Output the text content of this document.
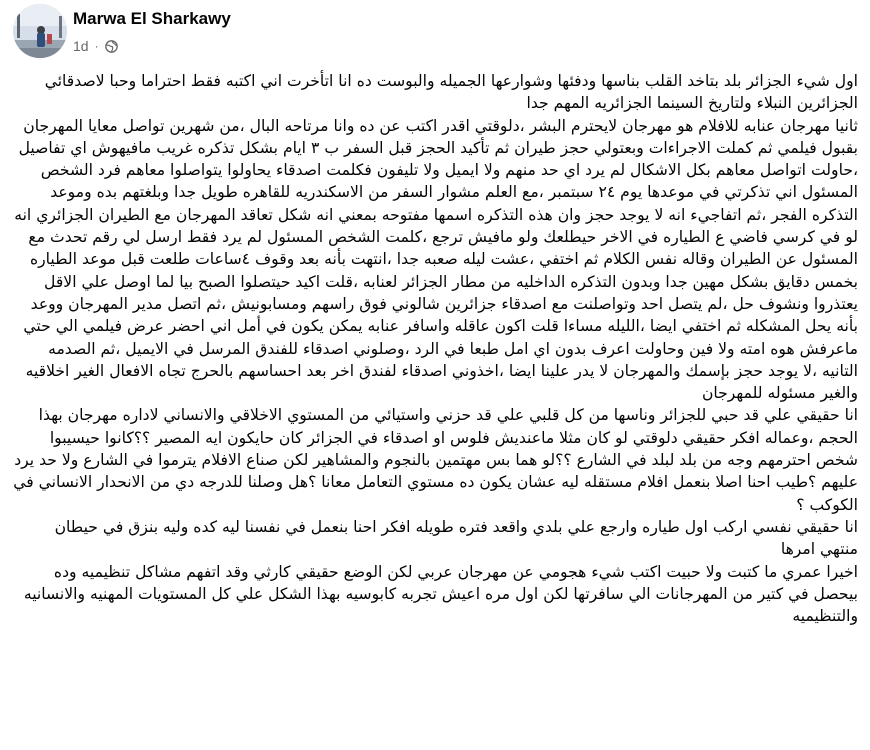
Marwa El Sharkawy
1d ·

اول شيء الجزائر بلد بتاخد القلب بناسها ودفئها وشوارعها الجميله والبوست ده انا اتأخرت اني اكتبه فقط احتراما وحبا لاصدقائي الجزائرين النبلاء ولتاريخ السينما الجزائريه المهم جدا

ثانيا مهرجان عنابه للافلام هو مهرجان لايحترم البشر ،دلوقتي اقدر اكتب عن ده وانا مرتاحه البال ،من شهرين تواصل معايا المهرجان بقبول فيلمي ثم كملت الاجراءات وبعتولي حجز طيران ثم تأكيد الحجز قبل السفر ب ٣ ايام بشكل تذكره غريب مافيهوش اي تفاصيل ،حاولت اتواصل معاهم بكل الاشكال لم يرد اي حد منهم ولا ايميل ولا تليفون فكلمت اصدقاء يحاولوا يتواصلوا معاهم فرد الشخص المسئول اني تذكرتي في موعدها يوم ٢٤ سبتمبر ،مع العلم مشوار السفر من الاسكندريه للقاهره طويل جدا وبلغتهم بده وموعد التذكره الفجر ،ثم اتفاجيء انه لا يوجد حجز وان هذه التذكره اسمها مفتوحه بمعني انه شكل تعاقد المهرجان مع الطيران الجزائري انه لو في كرسي فاضي ع الطياره في الاخر حيطلعك ولو مافيش ترجع ،كلمت الشخص المسئول لم يرد فقط ارسل لي رقم تحدث مع المسئول عن الطيران وقاله نفس الكلام ثم اختفي ،عشت ليله صعبه جدا ،انتهت بأنه بعد وقوف ٤ساعات طلعت قبل موعد الطياره بخمس دقايق بشكل مهين جدا وبدون التذكره الداخليه من مطار الجزائر لعنابه ،قلت اكيد حيتصلوا الصبح بيا لما اوصل علي الاقل يعتذروا ونشوف حل ،لم يتصل احد وتواصلنت مع اصدقاء جزائرين شالوني فوق راسهم ومسابونيش ،ثم اتصل مدير المهرجان ووعد بأنه يحل المشكله ثم اختفي ايضا ،الليله مساءا قلت اكون عاقله واسافر عنابه يمكن يكون في أمل اني احضر عرض فيلمي الي حتي ماعرفش هوه امته ولا فين وحاولت اعرف بدون اي امل طبعا في الرد ،وصلوني اصدقاء للفندق المرسل في الايميل ،ثم الصدمه التانيه ،لا يوجد حجز بإسمك والمهرجان لا يدر علينا ايضا ،اخذوني اصدقاء لفندق اخر بعد احساسهم بالحرج تجاه الافعال الغير اخلاقيه والغير مسئوله للمهرجان

انا حقيقي علي قد حبي للجزائر وناسها من كل قلبي علي قد حزني واستيائي من المستوي الاخلاقي والانساني لاداره مهرجان بهذا الحجم ،وعماله افكر حقيقي دلوقتي لو كان مثلا ماعنديش فلوس او اصدقاء في الجزائر كان حايكون ايه المصير ؟؟كانوا حيسيبوا شخص احترمهم وجه من بلد لبلد في الشارع ؟؟لو هما بس مهتمين بالنجوم والمشاهير لكن صناع الافلام يترموا في الشارع ولا حد يرد عليهم ؟طيب احنا اصلا بنعمل افلام مستقله ليه عشان يكون ده مستوي التعامل معانا ؟هل وصلنا للدرجه دي من الانحدار الانساني في الكوكب ؟

انا حقيقي نفسي اركب اول طياره وارجع علي بلدي واقعد فتره طويله افكر احنا بنعمل في نفسنا ليه كده وليه بنزق في حيطان منتهي امرها

اخيرا عمري ما كتبت ولا حبيت اكتب شيء هجومي عن مهرجان عربي لكن الوضع حقيقي كارثي وقد اتفهم مشاكل تنظيميه وده بيحصل في كتير من المهرجانات الي سافرتها لكن اول مره اعيش تجربه كابوسيه بهذا الشكل علي كل المستويات المهنيه والانسانيه والتنظيميه
